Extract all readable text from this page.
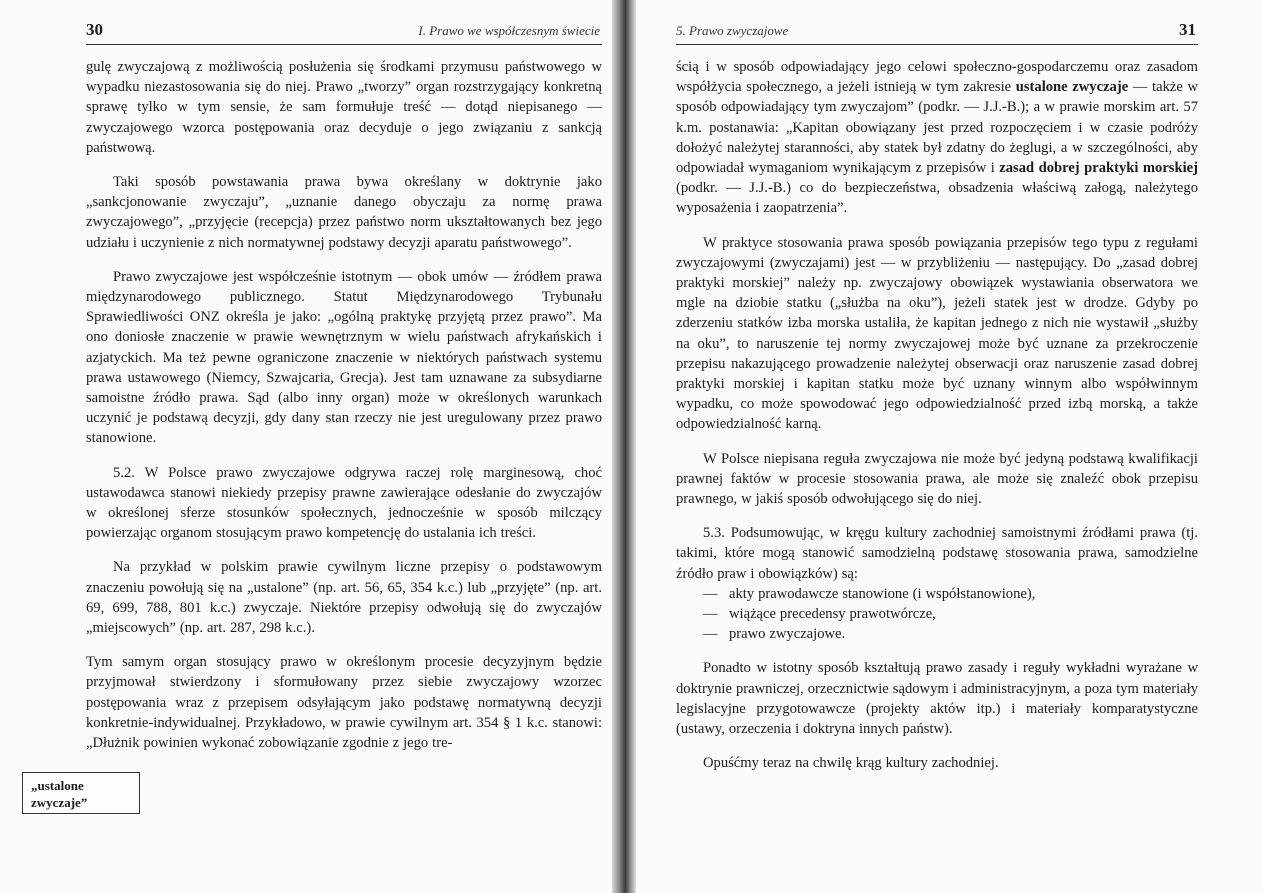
30	I. Prawo we współczesnym świecie

gulę zwyczajową z możliwością posłużenia się środkami przymusu państwowego w wypadku niezastosowania się do niej. Prawo „tworzy” organ rozstrzygający konkretną sprawę tylko w tym sensie, że sam formułuje treść — dotąd niepisanego — zwyczajowego wzorca postępowania oraz decyduje o jego związaniu z sankcją państwową.

Taki sposób powstawania prawa bywa określany w doktrynie jako „sankcjonowanie zwyczaju”, „uznanie danego obyczaju za normę prawa zwyczajowego”, „przyjęcie (recepcja) przez państwo norm ukształtowanych bez jego udziału i uczynienie z nich normatywnej podstawy decyzji aparatu państwowego”.

Prawo zwyczajowe jest współcześnie istotnym — obok umów — źródłem prawa międzynarodowego publicznego. Statut Międzynarodowego Trybunału Sprawiedliwości ONZ określa je jako: „ogólną praktykę przyjętą przez prawo”. Ma ono doniosłe znaczenie w prawie wewnętrznym w wielu państwach afrykańskich i azjatyckich. Ma też pewne ograniczone znaczenie w niektórych państwach systemu prawa ustawowego (Niemcy, Szwajcaria, Grecja). Jest tam uznawane za subsydiarne samoistne źródło prawa. Sąd (albo inny organ) może w określonych warunkach uczynić je podstawą decyzji, gdy dany stan rzeczy nie jest uregulowany przez prawo stanowione.

5.2. W Polsce prawo zwyczajowe odgrywa raczej rolę marginesową, choć ustawodawca stanowi niekiedy przepisy prawne zawierające odesłanie do zwyczajów w określonej sferze stosunków społecznych, jednocześnie w sposób milczący powierzając organom stosującym prawo kompetencję do ustalania ich treści.

Na przykład w polskim prawie cywilnym liczne przepisy o podstawowym znaczeniu powołują się na „ustalone” (np. art. 56, 65, 354 k.c.) lub „przyjęte” (np. art. 69, 699, 788, 801 k.c.) zwyczaje. Niektóre przepisy odwołują się do zwyczajów „miejscowych” (np. art. 287, 298 k.c.).

Tym samym organ stosujący prawo w określonym procesie decyzyjnym będzie przyjmował stwierdzony i sformułowany przez siebie zwyczajowy wzorzec postępowania wraz z przepisem odsyłającym jako podstawę normatywną decyzji konkretnie-indywidualnej. Przykładowo, w prawie cywilnym art. 354 § 1 k.c. stanowi: „Dłużnik powinien wykonać zobowiązanie zgodnie z jego tre-

„ustalone
zwyczaje”
5. Prawo zwyczajowe	31

ścią i w sposób odpowiadający jego celowi społeczno-gospodarczemu oraz zasadom współżycia społecznego, a jeżeli istnieją w tym zakresie ustalone zwyczaje — także w sposób odpowiadający tym zwyczajom” (podkr. — J.J.-B.); a w prawie morskim art. 57 k.m. postanawia: „Kapitan obowiązany jest przed rozpoczęciem i w czasie podróży dołożyć należytej staranności, aby statek był zdatny do żeglugi, a w szczególności, aby odpowiadał wymaganiom wynikającym z przepisów i zasad dobrej praktyki morskiej (podkr. — J.J.-B.) co do bezpieczeństwa, obsadzenia właściwą załogą, należytego wyposażenia i zaopatrzenia”.

W praktyce stosowania prawa sposób powiązania przepisów tego typu z regułami zwyczajowymi (zwyczajami) jest — w przybliżeniu — następujący. Do „zasad dobrej praktyki morskiej” należy np. zwyczajowy obowiązek wystawiania obserwatora we mgle na dziobie statku („służba na oku”), jeżeli statek jest w drodze. Gdyby po zderzeniu statków izba morska ustaliła, że kapitan jednego z nich nie wystawił „służby na oku”, to naruszenie tej normy zwyczajowej może być uznane za przekroczenie przepisu nakazującego prowadzenie należytej obserwacji oraz naruszenie zasad dobrej praktyki morskiej i kapitan statku może być uznany winnym albo współwinnym wypadku, co może spowodować jego odpowiedzialność przed izbą morską, a także odpowiedzialność karną.

W Polsce niepisana reguła zwyczajowa nie może być jedyną podstawą kwalifikacji prawnej faktów w procesie stosowania prawa, ale może się znaleźć obok przepisu prawnego, w jakiś sposób odwołującego się do niej.

5.3. Podsumowując, w kręgu kultury zachodniej samoistnymi źródłami prawa (tj. takimi, które mogą stanowić samodzielną podstawę stosowania prawa, samodzielne źródło praw i obowiązków) są:

— akty prawodawcze stanowione (i współstanowione),
— wiążące precedensy prawotwórcze,
— prawo zwyczajowe.

Ponadto w istotny sposób kształtują prawo zasady i reguły wykładni wyrażane w doktrynie prawniczej, orzecznictwie sądowym i administracyjnym, a poza tym materiały legislacyjne przygotowawcze (projekty aktów itp.) i materiały komparatystyczne (ustawy, orzeczenia i doktryna innych państw).

Opuśćmy teraz na chwilę krąg kultury zachodniej.
